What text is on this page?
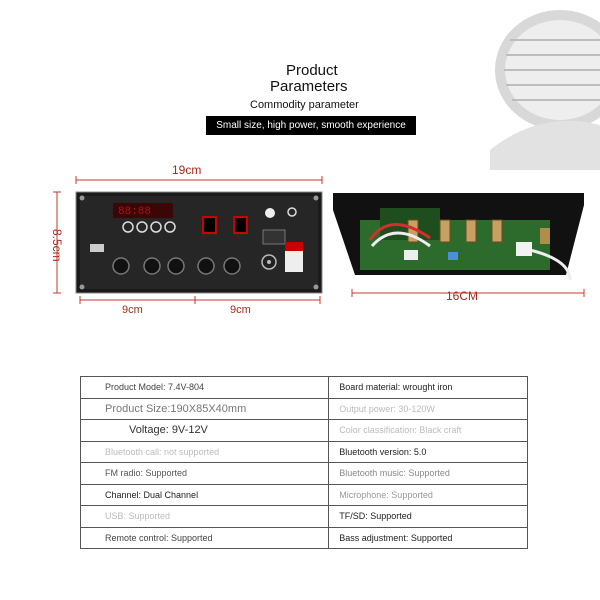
Product
Parameters
Commodity parameter
Small size, high power, smooth experience
19cm
8.5cm
9cm	9cm
16CM
88:88
Product Model: 7.4V-804	Board material: wrought iron
Product Size:190X85X40mm	Output power: 30-120W
Voltage: 9V-12V	Color classification: Black craft
Bluetooth call: not supported	Bluetooth version: 5.0
FM radio: Supported	Bluetooth music: Supported
Channel: Dual Channel	Microphone: Supported
USB: Supported	TF/SD: Supported
Remote control: Supported	Bass adjustment: Supported
